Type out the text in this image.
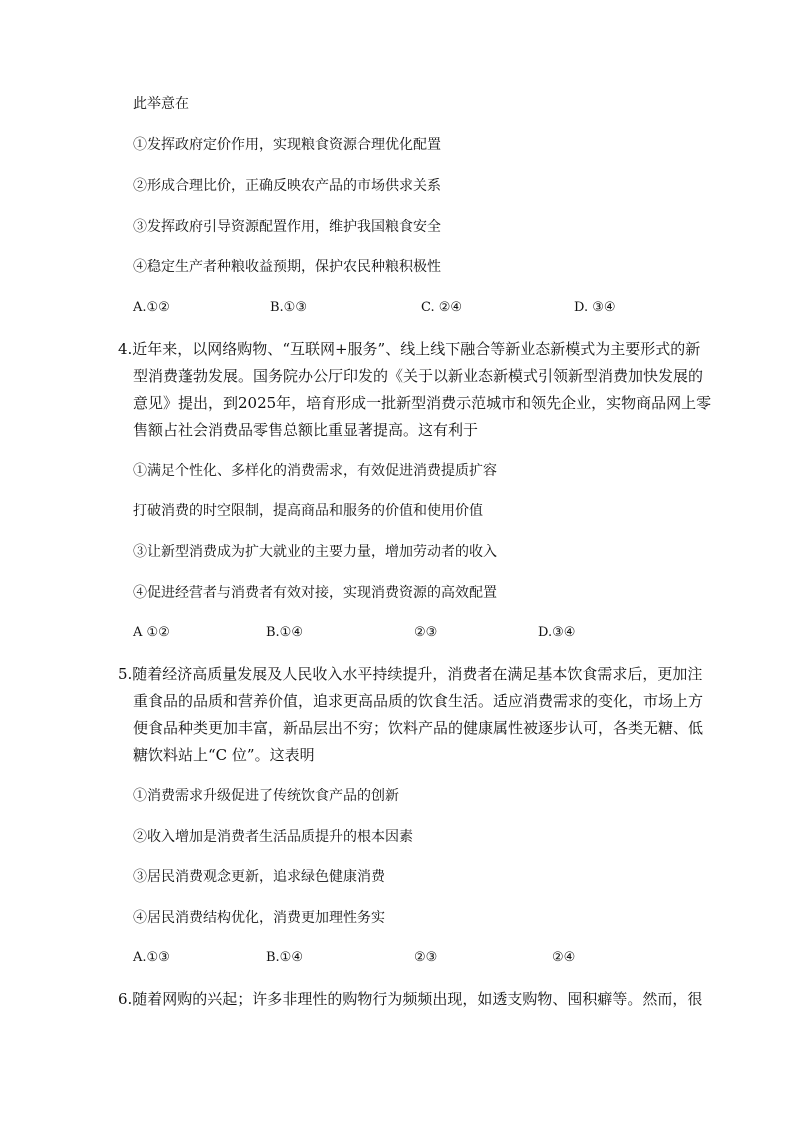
此举意在
①发挥政府定价作用，实现粮食资源合理优化配置
②形成合理比价，正确反映农产品的市场供求关系
③发挥政府引导资源配置作用，维护我国粮食安全
④稳定生产者种粮收益预期，保护农民种粮积极性
A.①②	B.①③	C. ②④	D. ③④
4.近年来，以网络购物、“互联网+服务”、线上线下融合等新业态新模式为主要形式的新
型消费蓬勃发展。国务院办公厅印发的《关于以新业态新模式引领新型消费加快发展的
意见》提出，到2025年，培育形成一批新型消费示范城市和领先企业，实物商品网上零
售额占社会消费品零售总额比重显著提高。这有利于
①满足个性化、多样化的消费需求，有效促进消费提质扩容
打破消费的时空限制，提高商品和服务的价值和使用价值
③让新型消费成为扩大就业的主要力量，增加劳动者的收入
④促进经营者与消费者有效对接，实现消费资源的高效配置
A ①②	B.①④	②③	D.③④
5.随着经济高质量发展及人民收入水平持续提升，消费者在满足基本饮食需求后，更加注
重食品的品质和营养价值，追求更高品质的饮食生活。适应消费需求的变化，市场上方
便食品种类更加丰富，新品层出不穷；饮料产品的健康属性被逐步认可，各类无糖、低
糖饮料站上“C 位”。这表明
①消费需求升级促进了传统饮食产品的创新
②收入增加是消费者生活品质提升的根本因素
③居民消费观念更新，追求绿色健康消费
④居民消费结构优化，消费更加理性务实
A.①③	B.①④	②③	②④
6.随着网购的兴起；许多非理性的购物行为频频出现，如透支购物、囤积癖等。然而，很
